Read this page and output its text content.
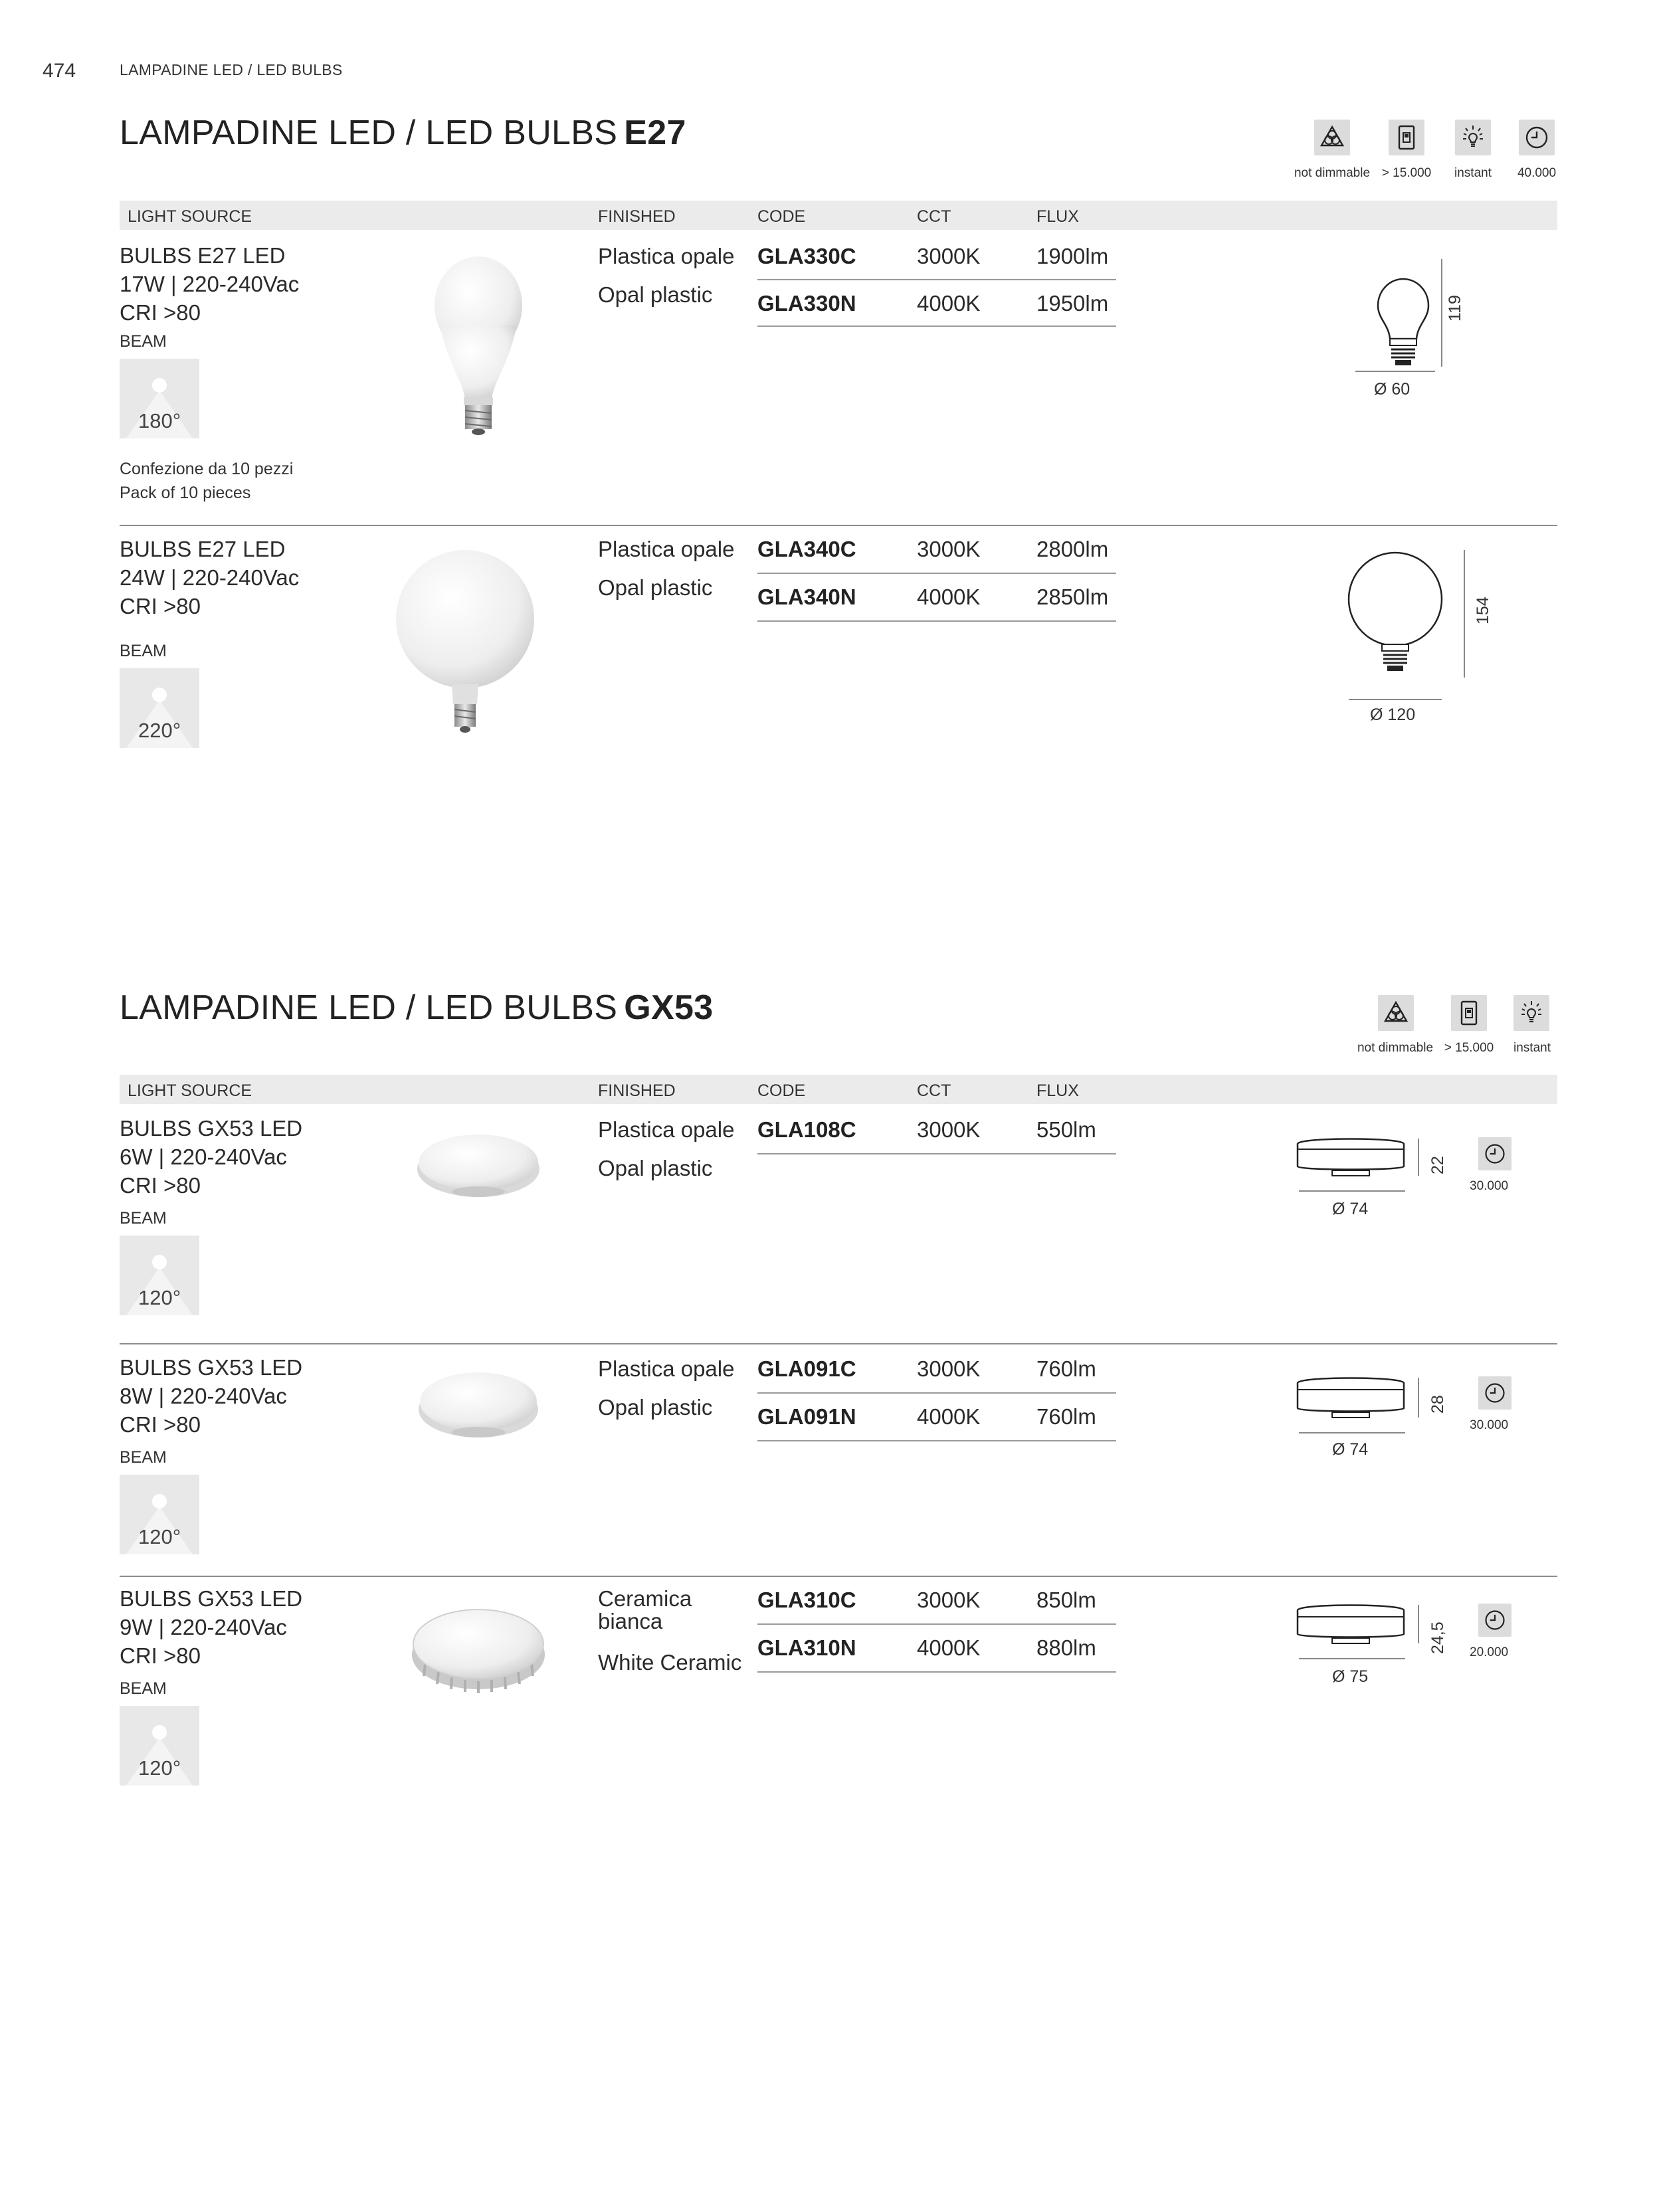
474	LAMPADINE LED / LED BULBS
LAMPADINE LED / LED BULBS E27
not dimmable > 15.000	instant	40.000
LIGHT SOURCE	FINISHED	CODE	CCT	FLUX
BULBS E27 LED
17W | 220-240Vac
CRI >80
BEAM
180°
Confezione da 10 pezzi
Pack of 10 pieces
Plastica opale
Opal plastic
GLA330C	3000K	1900lm
GLA330N	4000K	1950lm
Ø 60
119
BULBS E27 LED
24W | 220-240Vac
CRI >80
BEAM
220°
Plastica opale
Opal plastic
GLA340C	3000K	2800lm
GLA340N	4000K	2850lm
Ø 120
154
LAMPADINE LED / LED BULBS GX53
not dimmable > 15.000	instant
LIGHT SOURCE	FINISHED	CODE	CCT	FLUX
BULBS GX53 LED
6W | 220-240Vac
CRI >80
BEAM
120°
Plastica opale
Opal plastic
GLA108C	3000K	550lm
Ø 74
22
30.000
BULBS GX53 LED
8W | 220-240Vac
CRI >80
BEAM
120°
Plastica opale
Opal plastic
GLA091C	3000K	760lm
GLA091N	4000K	760lm
Ø 74
28
30.000
BULBS GX53 LED
9W | 220-240Vac
CRI >80
BEAM
120°
Ceramica
bianca
White Ceramic
GLA310C	3000K	850lm
GLA310N	4000K	880lm
Ø 75
24,5 20.000
